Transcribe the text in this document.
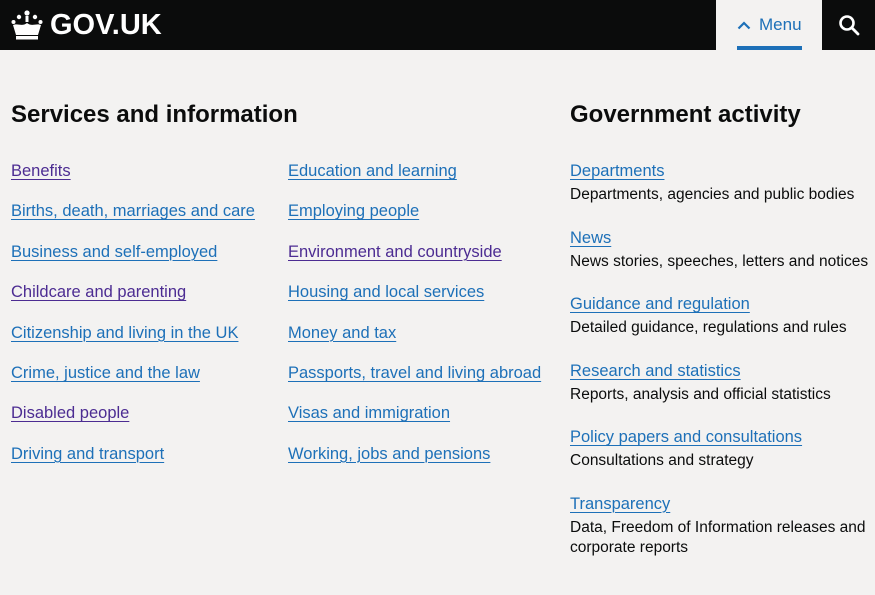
GOV.UK	Menu
Services and information	Government activity
Benefits
Births, death, marriages and care
Business and self-employed
Childcare and parenting
Citizenship and living in the UK
Crime, justice and the law
Disabled people
Driving and transport
Education and learning
Employing people
Environment and countryside
Housing and local services
Money and tax
Passports, travel and living abroad
Visas and immigration
Working, jobs and pensions
Departments
Departments, agencies and public bodies
News
News stories, speeches, letters and notices
Guidance and regulation
Detailed guidance, regulations and rules
Research and statistics
Reports, analysis and official statistics
Policy papers and consultations
Consultations and strategy
Transparency
Data, Freedom of Information releases and corporate reports
